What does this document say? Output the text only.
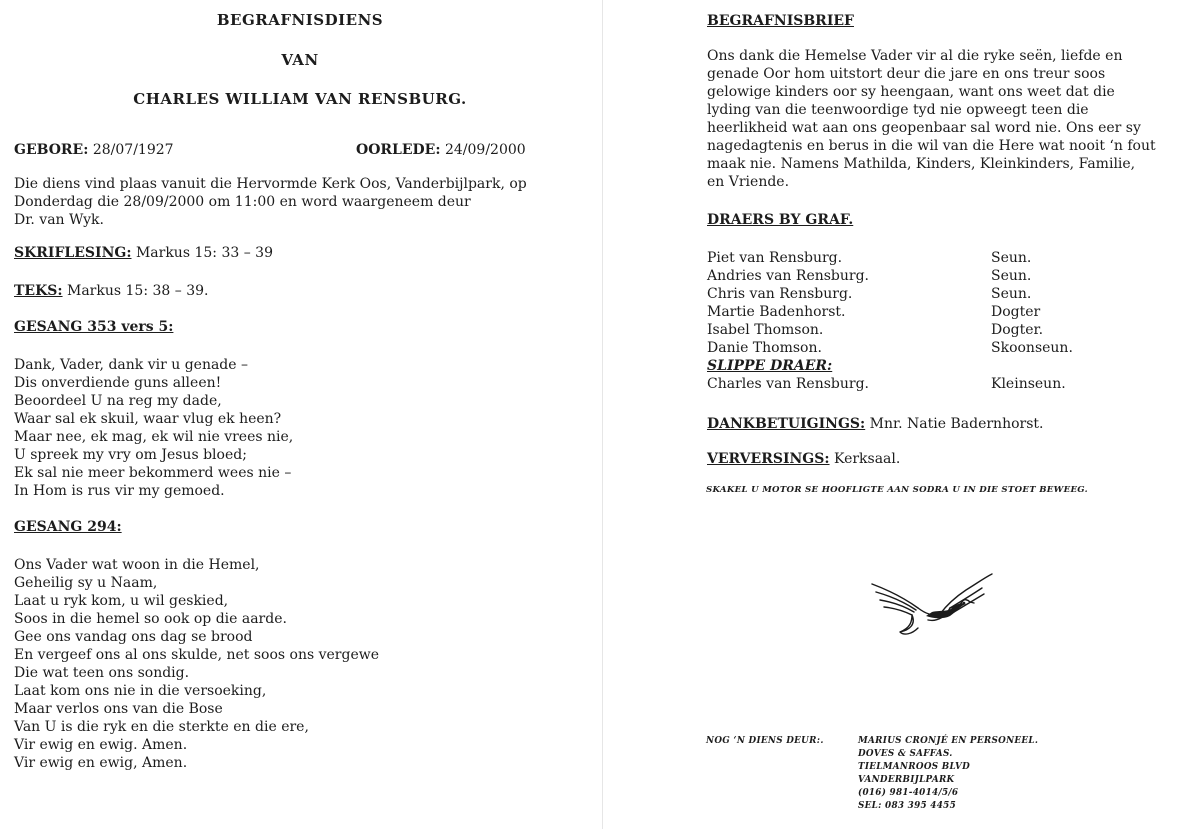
BEGRAFNISDIENS
VAN
CHARLES WILLIAM VAN RENSBURG.
GEBORE: 28/07/1927	OORLEDE: 24/09/2000
Die diens vind plaas vanuit die Hervormde Kerk Oos, Vanderbijlpark, op
Donderdag die 28/09/2000 om 11:00 en word waargeneem deur
Dr. van Wyk.
SKRIFLESING: Markus 15: 33 – 39
TEKS: Markus 15: 38 – 39.
GESANG 353 vers 5:
Dank, Vader, dank vir u genade –
Dis onverdiende guns alleen!
Beoordeel U na reg my dade,
Waar sal ek skuil, waar vlug ek heen?
Maar nee, ek mag, ek wil nie vrees nie,
U spreek my vry om Jesus bloed;
Ek sal nie meer bekommerd wees nie –
In Hom is rus vir my gemoed.
GESANG 294:
Ons Vader wat woon in die Hemel,
Geheilig sy u Naam,
Laat u ryk kom, u wil geskied,
Soos in die hemel so ook op die aarde.
Gee ons vandag ons dag se brood
En vergeef ons al ons skulde, net soos ons vergewe
Die wat teen ons sondig.
Laat kom ons nie in die versoeking,
Maar verlos ons van die Bose
Van U is die ryk en die sterkte en die ere,
Vir ewig en ewig. Amen.
Vir ewig en ewig, Amen.
BEGRAFNISBRIEF
Ons dank die Hemelse Vader vir al die ryke seën, liefde en
genade Oor hom uitstort deur die jare en ons treur soos
gelowige kinders oor sy heengaan, want ons weet dat die
lyding van die teenwoordige tyd nie opweegt teen die
heerlikheid wat aan ons geopenbaar sal word nie. Ons eer sy
nagedagtenis en berus in die wil van die Here wat nooit ‘n fout
maak nie. Namens Mathilda, Kinders, Kleinkinders, Familie,
en Vriende.
DRAERS BY GRAF.
Piet van Rensburg.	Seun.
Andries van Rensburg.	Seun.
Chris van Rensburg.	Seun.
Martie Badenhorst.	Dogter
Isabel Thomson.	Dogter.
Danie Thomson.	Skoonseun.
SLIPPE DRAER:	
Charles van Rensburg.	Kleinseun.
DANKBETUIGINGS: Mnr. Natie Badernhorst.
VERVERSINGS: Kerksaal.
SKAKEL U MOTOR SE HOOFLIGTE AAN SODRA U IN DIE STOET BEWEEG.
NOG ‘N DIENS DEUR:.	MARIUS CRONJÉ EN PERSONEEL.
DOVES & SAFFAS.
TIELMANROOS BLVD
VANDERBIJLPARK
(016) 981-4014/5/6
SEL: 083 395 4455
